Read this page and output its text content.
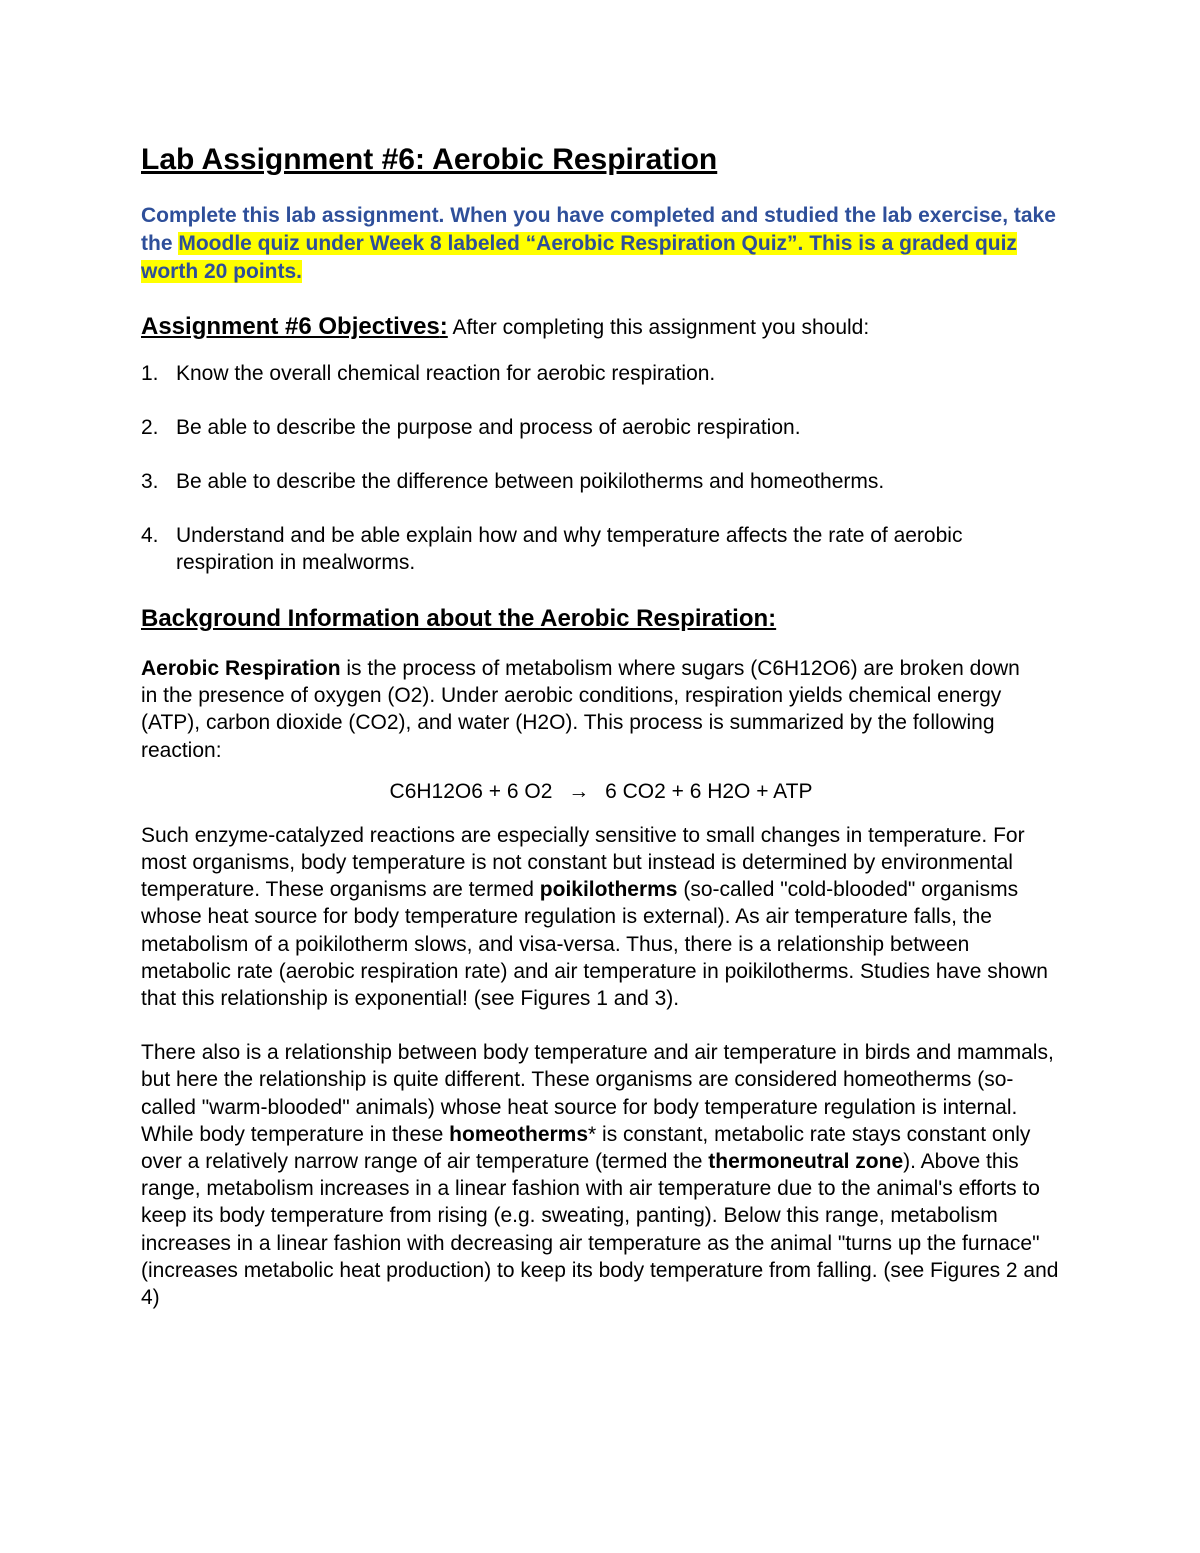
Lab Assignment #6: Aerobic Respiration
Complete this lab assignment. When you have completed and studied the lab exercise, take the Moodle quiz under Week 8 labeled “Aerobic Respiration Quiz”. This is a graded quiz worth 20 points.
Assignment #6 Objectives: After completing this assignment you should:
1. Know the overall chemical reaction for aerobic respiration.
2. Be able to describe the purpose and process of aerobic respiration.
3. Be able to describe the difference between poikilotherms and homeotherms.
4. Understand and be able explain how and why temperature affects the rate of aerobic respiration in mealworms.
Background Information about the Aerobic Respiration:

Aerobic Respiration is the process of metabolism where sugars (C6H12O6) are broken down in the presence of oxygen (O2). Under aerobic conditions, respiration yields chemical energy (ATP), carbon dioxide (CO2), and water (H2O). This process is summarized by the following reaction:

C6H12O6 + 6 O2 → 6 CO2 + 6 H2O + ATP

Such enzyme-catalyzed reactions are especially sensitive to small changes in temperature. For most organisms, body temperature is not constant but instead is determined by environmental temperature. These organisms are termed poikilotherms (so-called "cold-blooded" organisms whose heat source for body temperature regulation is external). As air temperature falls, the metabolism of a poikilotherm slows, and visa-versa. Thus, there is a relationship between metabolic rate (aerobic respiration rate) and air temperature in poikilotherms. Studies have shown that this relationship is exponential! (see Figures 1 and 3).

There also is a relationship between body temperature and air temperature in birds and mammals, but here the relationship is quite different. These organisms are considered homeotherms (so-called "warm-blooded" animals) whose heat source for body temperature regulation is internal. While body temperature in these homeotherms* is constant, metabolic rate stays constant only over a relatively narrow range of air temperature (termed the thermoneutral zone). Above this range, metabolism increases in a linear fashion with air temperature due to the animal's efforts to keep its body temperature from rising (e.g. sweating, panting). Below this range, metabolism increases in a linear fashion with decreasing air temperature as the animal "turns up the furnace" (increases metabolic heat production) to keep its body temperature from falling. (see Figures 2 and 4)
